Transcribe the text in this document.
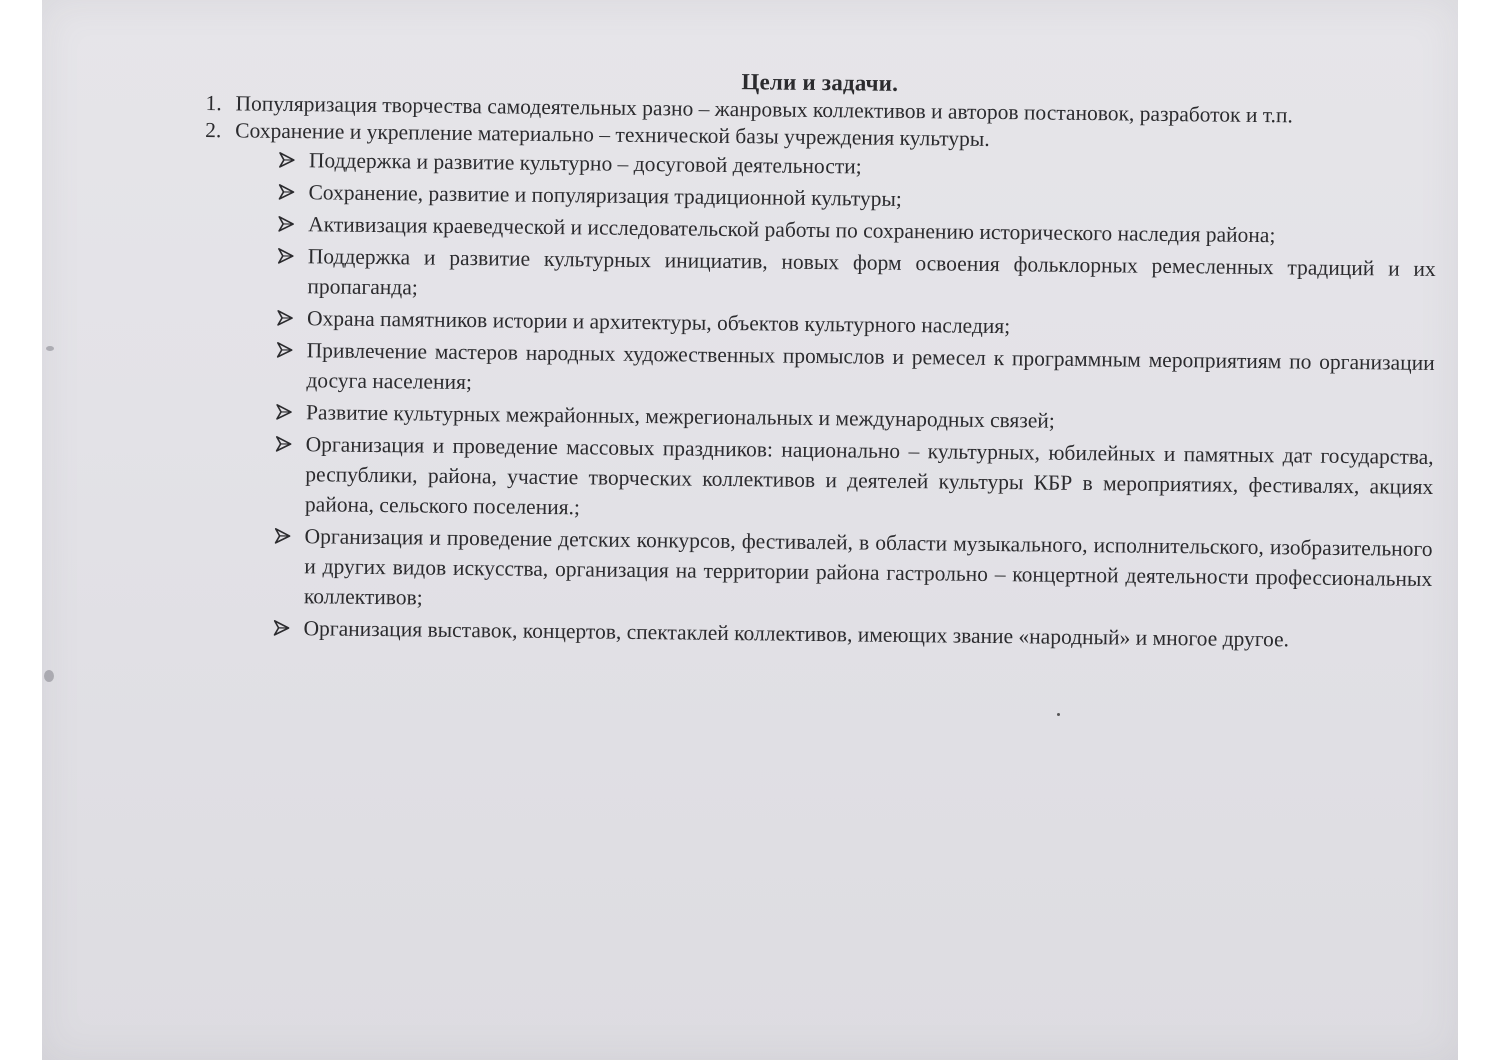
Цели и задачи.
1. Популяризация творчества самодеятельных разно – жанровых коллективов и авторов постановок, разработок и т.п.
2. Сохранение и укрепление материально – технической базы учреждения культуры.
Поддержка и развитие культурно – досуговой деятельности;
Сохранение, развитие и популяризация традиционной культуры;
Активизация краеведческой и исследовательской работы по сохранению исторического наследия района;
Поддержка и развитие культурных инициатив, новых форм освоения фольклорных ремесленных традиций и их пропаганда;
Охрана памятников истории и архитектуры, объектов культурного наследия;
Привлечение мастеров народных художественных промыслов и ремесел к программным мероприятиям по организации досуга населения;
Развитие культурных межрайонных, межрегиональных и международных связей;
Организация и проведение массовых праздников: национально – культурных, юбилейных и памятных дат государства, республики, района, участие творческих коллективов и деятелей культуры КБР в мероприятиях, фестивалях, акциях района, сельского поселения.;
Организация и проведение детских конкурсов, фестивалей, в области музыкального, исполнительского, изобразительного и других видов искусства, организация на территории района гастрольно – концертной деятельности профессиональных коллективов;
Организация выставок, концертов, спектаклей коллективов, имеющих звание «народный» и многое другое.
